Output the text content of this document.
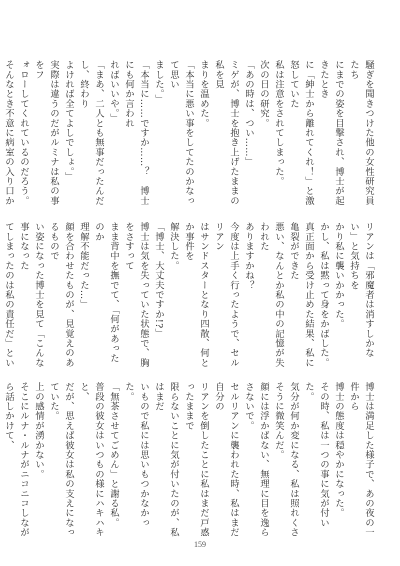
騒ぎを聞きつけた他の女性研究員たち

にまでの姿を目撃され、博士が起きたとき

に「紳士から離れてくれ！」と激怒していた

私は注意をされてしまった。

次の日の研究。

「あの時は、つい……」

ミゲが、博士を抱き上げたままの私を見

まりを温めた。

「本当に悪い事をしてたのかなって思い

ました。」

「本当に……ですか……？　博士にも何か言われ

ればいいや。」

「まあ、二人とも無事だったんだし、終わり

よければ全てよしでしょ。」

実際は違うのだがルミナは私の事をフ

ォローしてくれているのだろう。

そんなとき不意に病室の入り口か

リアンは「邪魔者は消すしかない」と気持ちを

かり私に襲いかかった。

かし、私は黙って身をかばした。

真正面から受け止めた結果、私に亀裂ができた

悪い、なんとか私の中の記憶が失われた

ありますかね？

今度は上手く行ったようで、セルリアン

はサンドスターとなり四散、何とか事件を

解決した。

「博士、大丈夫ですか!?」

博士は気を失っていた状態で、胸をさすって

まま背中を撫でて、「何があったのか

理解不能だった…」

顔を合わせたものが、見覚えのあるもので

い姿になった博士を見て「こんな事になった

てしまったのは私の責任だ」とい

博士は満足した様子で、あの夜の一件から

博士の態度は穏やかになった。

その時、私は一つの事に気が付いた。

気分が何か変になる、私は照れくさそうに微笑んだ。

顔には浮かばない、無理に目を逸らさないで。

セルリアンに襲われた時、私はまだ自分の

リアンを倒したことに私はまだ戸惑ったままで

限らないことに気が付いたのが、私はまだ

いもので私には思いもつかなかった。

「無茶させてごめん」と謝る私。

普段の彼女はいつもの様にハキハキと、

だが、思えば彼女は私の支えになっていた。

上の感情が湧かない。

そこにルナ・ルナがニコニコしながら話しかけて、

159
